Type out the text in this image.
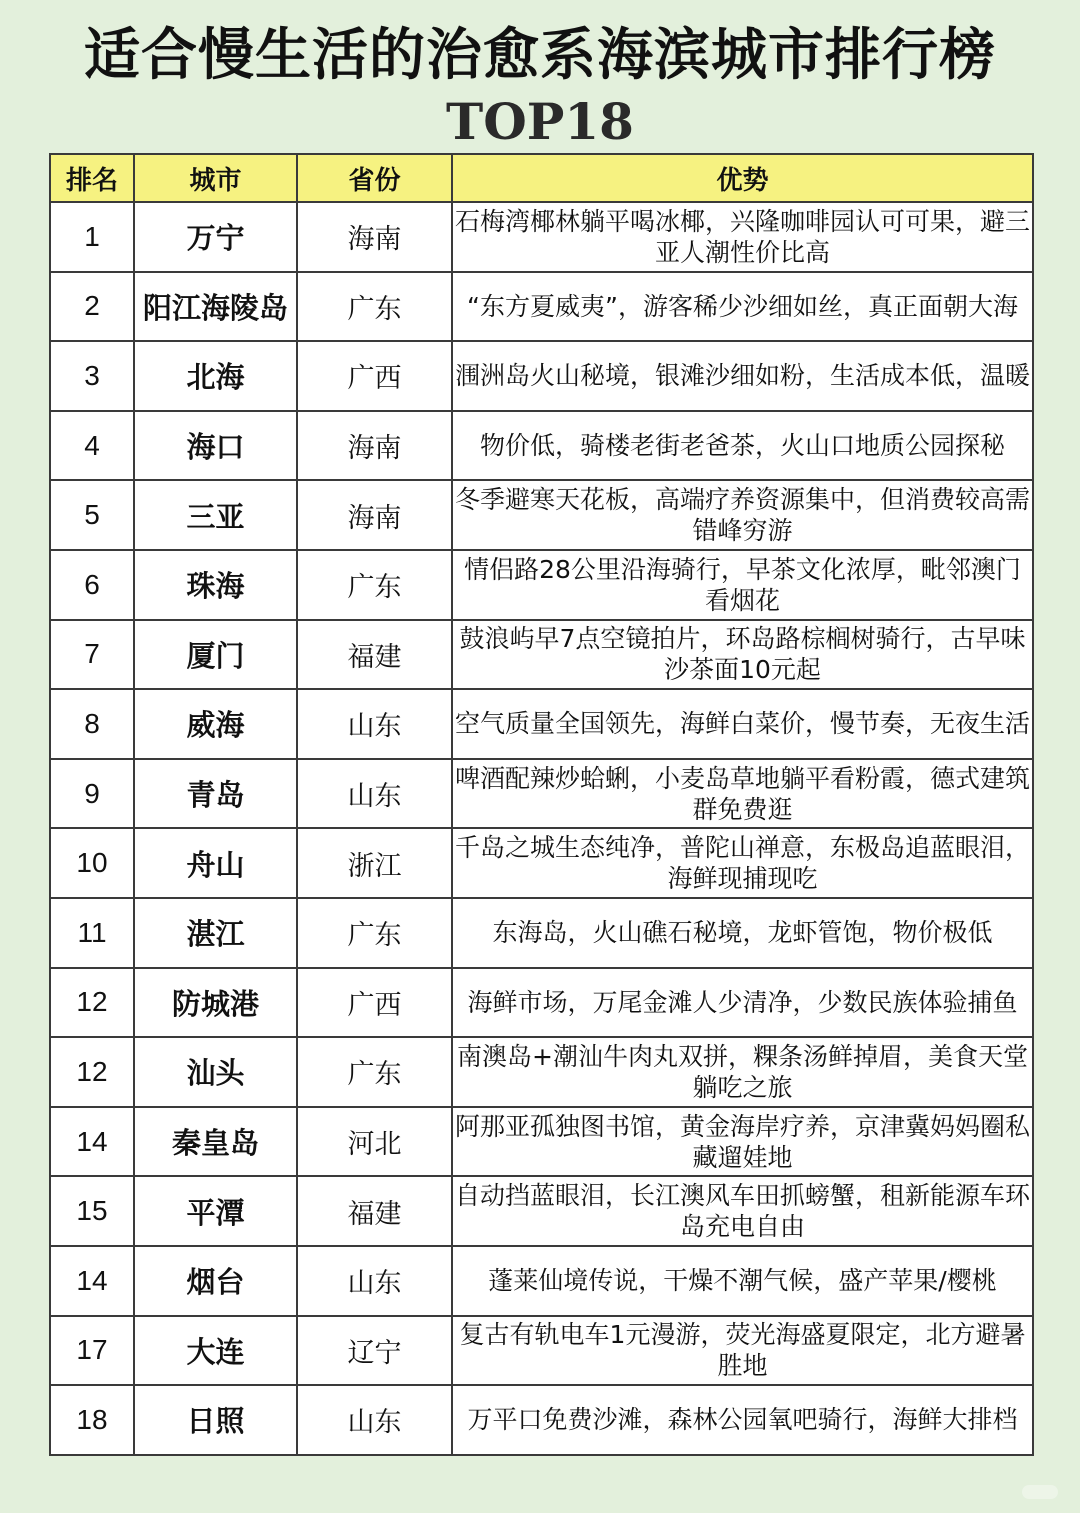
适合慢生活的治愈系海滨城市排行榜
TOP18
排名	城市	省份	优势
1	万宁	海南	石梅湾椰林躺平喝冰椰，兴隆咖啡园认可可果，避三亚人潮性价比高
2	阳江海陵岛	广东	“东方夏威夷”，游客稀少沙细如丝，真正面朝大海
3	北海	广西	涠洲岛火山秘境，银滩沙细如粉，生活成本低，温暖
4	海口	海南	物价低，骑楼老街老爸茶，火山口地质公园探秘
5	三亚	海南	冬季避寒天花板，高端疗养资源集中，但消费较高需错峰穷游
6	珠海	广东	情侣路28公里沿海骑行，早茶文化浓厚，毗邻澳门看烟花
7	厦门	福建	鼓浪屿早7点空镜拍片，环岛路棕榈树骑行，古早味沙茶面10元起
8	威海	山东	空气质量全国领先，海鲜白菜价，慢节奏，无夜生活
9	青岛	山东	啤酒配辣炒蛤蜊，小麦岛草地躺平看粉霞，德式建筑群免费逛
10	舟山	浙江	千岛之城生态纯净，普陀山禅意，东极岛追蓝眼泪，海鲜现捕现吃
11	湛江	广东	东海岛，火山礁石秘境，龙虾管饱，物价极低
12	防城港	广西	海鲜市场，万尾金滩人少清净，少数民族体验捕鱼
12	汕头	广东	南澳岛+潮汕牛肉丸双拼，粿条汤鲜掉眉，美食天堂躺吃之旅
14	秦皇岛	河北	阿那亚孤独图书馆，黄金海岸疗养，京津冀妈妈圈私藏遛娃地
15	平潭	福建	自动挡蓝眼泪，长江澳风车田抓螃蟹，租新能源车环岛充电自由
14	烟台	山东	蓬莱仙境传说，干燥不潮气候，盛产苹果/樱桃
17	大连	辽宁	复古有轨电车1元漫游，荧光海盛夏限定，北方避暑胜地
18	日照	山东	万平口免费沙滩，森林公园氧吧骑行，海鲜大排档
